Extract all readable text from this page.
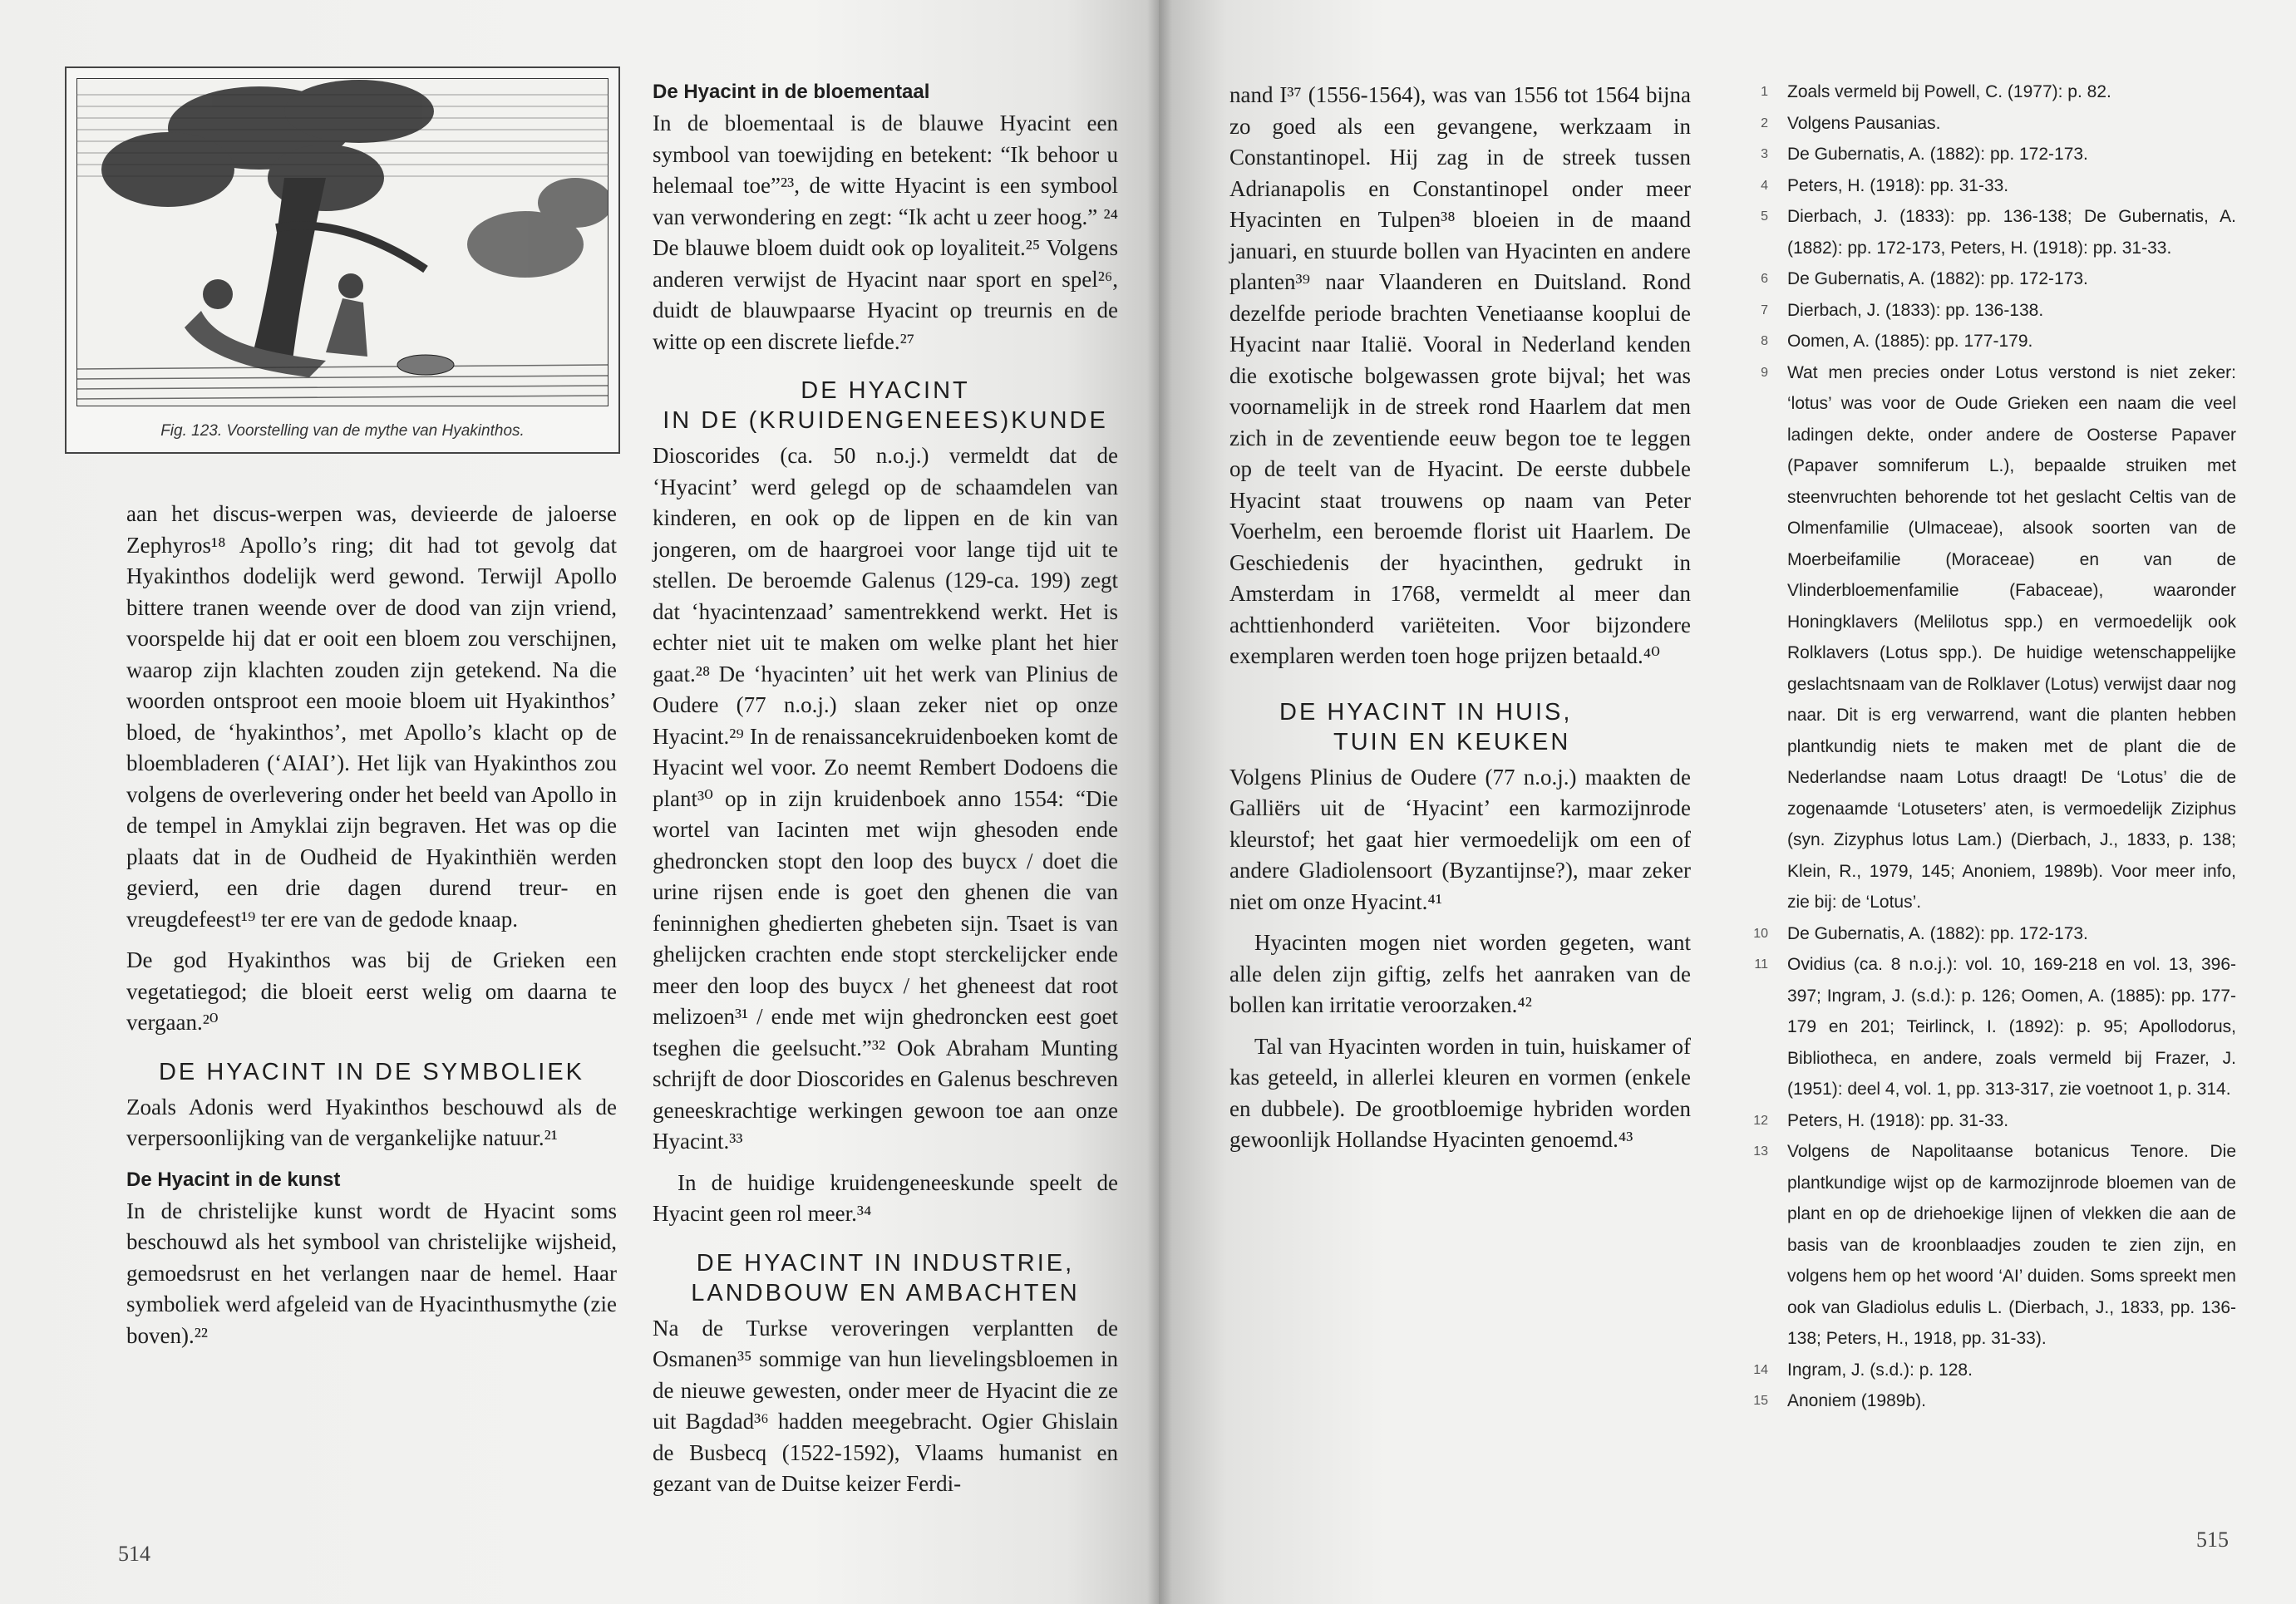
Fig. 123. Voorstelling van de mythe van Hyakinthos.

aan het discus-werpen was, devieerde de jaloerse Zephyros¹⁸ Apollo’s ring; dit had tot gevolg dat Hyakinthos dodelijk werd gewond. Terwijl Apollo bittere tranen weende over de dood van zijn vriend, voorspelde hij dat er ooit een bloem zou verschijnen, waarop zijn klachten zouden zijn getekend. Na die woorden ontsproot een mooie bloem uit Hyakinthos’ bloed, de ‘hyakinthos’, met Apollo’s klacht op de bloembladeren (‘AIAI’). Het lijk van Hyakinthos zou volgens de overlevering onder het beeld van Apollo in de tempel in Amyklai zijn begraven. Het was op die plaats dat in de Oudheid de Hyakinthiën werden gevierd, een drie dagen durend treur- en vreugdefeest¹⁹ ter ere van de gedode knaap.

De god Hyakinthos was bij de Grieken een vegetatiegod; die bloeit eerst welig om daarna te vergaan.²⁰

DE HYACINT IN DE SYMBOLIEK

Zoals Adonis werd Hyakinthos beschouwd als de verpersoonlijking van de vergankelijke natuur.²¹

De Hyacint in de kunst

In de christelijke kunst wordt de Hyacint soms beschouwd als het symbool van christelijke wijsheid, gemoedsrust en het verlangen naar de hemel. Haar symboliek werd afgeleid van de Hyacinthusmythe (zie boven).²²

De Hyacint in de bloementaal

In de bloementaal is de blauwe Hyacint een symbool van toewijding en betekent: “Ik behoor u helemaal toe”²³, de witte Hyacint is een symbool van verwondering en zegt: “Ik acht u zeer hoog.” ²⁴ De blauwe bloem duidt ook op loyaliteit.²⁵ Volgens anderen verwijst de Hyacint naar sport en spel²⁶, duidt de blauwpaarse Hyacint op treurnis en de witte op een discrete liefde.²⁷

DE HYACINT
IN DE (KRUIDENGENEES)KUNDE

Dioscorides (ca. 50 n.o.j.) vermeldt dat de ‘Hyacint’ werd gelegd op de schaamdelen van kinderen, en ook op de lippen en de kin van jongeren, om de haargroei voor lange tijd uit te stellen. De beroemde Galenus (129-ca. 199) zegt dat ‘hyacintenzaad’ samentrekkend werkt. Het is echter niet uit te maken om welke plant het hier gaat.²⁸ De ‘hyacinten’ uit het werk van Plinius de Oudere (77 n.o.j.) slaan zeker niet op onze Hyacint.²⁹ In de renaissancekruidenboeken komt de Hyacint wel voor. Zo neemt Rembert Dodoens die plant³⁰ op in zijn kruidenboek anno 1554: “Die wortel van Iacinten met wijn ghesoden ende ghedroncken stopt den loop des buycx / doet die urine rijsen ende is goet den ghenen die van feninnighen ghedierten ghebeten sijn. Tsaet is van ghelijcken crachten ende stopt sterckelijcker ende meer den loop des buycx / het gheneest dat root melizoen³¹ / ende met wijn ghedroncken eest goet tseghen die geelsucht.”³² Ook Abraham Munting schrijft de door Dioscorides en Galenus beschreven geneeskrachtige werkingen gewoon toe aan onze Hyacint.³³

In de huidige kruidengeneeskunde speelt de Hyacint geen rol meer.³⁴

DE HYACINT IN INDUSTRIE,
LANDBOUW EN AMBACHTEN

Na de Turkse veroveringen verplantten de Osmanen³⁵ sommige van hun lievelingsbloemen in de nieuwe gewesten, onder meer de Hyacint die ze uit Bagdad³⁶ hadden meegebracht. Ogier Ghislain de Busbecq (1522-1592), Vlaams humanist en gezant van de Duitse keizer Ferdi-

514

nand I³⁷ (1556-1564), was van 1556 tot 1564 bijna zo goed als een gevangene, werkzaam in Constantinopel. Hij zag in de streek tussen Adrianapolis en Constantinopel onder meer Hyacinten en Tulpen³⁸ bloeien in de maand januari, en stuurde bollen van Hyacinten en andere planten³⁹ naar Vlaanderen en Duitsland. Rond dezelfde periode brachten Venetiaanse kooplui de Hyacint naar Italië. Vooral in Nederland kenden die exotische bolgewassen grote bijval; het was voornamelijk in de streek rond Haarlem dat men zich in de zeventiende eeuw begon toe te leggen op de teelt van de Hyacint. De eerste dubbele Hyacint staat trouwens op naam van Peter Voerhelm, een beroemde florist uit Haarlem. De Geschiedenis der hyacinthen, gedrukt in Amsterdam in 1768, vermeldt al meer dan achttienhonderd variëteiten. Voor bijzondere exemplaren werden toen hoge prijzen betaald.⁴⁰

DE HYACINT IN HUIS,
TUIN EN KEUKEN

Volgens Plinius de Oudere (77 n.o.j.) maakten de Galliërs uit de ‘Hyacint’ een karmozijnrode kleurstof; het gaat hier vermoedelijk om een of andere Gladiolensoort (Byzantijnse?), maar zeker niet om onze Hyacint.⁴¹

Hyacinten mogen niet worden gegeten, want alle delen zijn giftig, zelfs het aanraken van de bollen kan irritatie veroorzaken.⁴²

Tal van Hyacinten worden in tuin, huiskamer of kas geteeld, in allerlei kleuren en vormen (enkele en dubbele). De grootbloemige hybriden worden gewoonlijk Hollandse Hyacinten genoemd.⁴³

515
1 Zoals vermeld bij Powell, C. (1977): p. 82.
2 Volgens Pausanias.
3 De Gubernatis, A. (1882): pp. 172-173.
4 Peters, H. (1918): pp. 31-33.
5 Dierbach, J. (1833): pp. 136-138; De Gubernatis, A. (1882): pp. 172-173, Peters, H. (1918): pp. 31-33.
6 De Gubernatis, A. (1882): pp. 172-173.
7 Dierbach, J. (1833): pp. 136-138.
8 Oomen, A. (1885): pp. 177-179.
9 Wat men precies onder Lotus verstond is niet zeker: ‘lotus’ was voor de Oude Grieken een naam die veel ladingen dekte, onder andere de Oosterse Papaver (Papaver somniferum L.), bepaalde struiken met steenvruchten behorende tot het geslacht Celtis van de Olmenfamilie (Ulmaceae), alsook soorten van de Moerbeifamilie (Moraceae) en van de Vlinderbloemenfamilie (Fabaceae), waaronder Honingklavers (Melilotus spp.) en vermoedelijk ook Rolklavers (Lotus spp.). De huidige wetenschappelijke geslachtsnaam van de Rolklaver (Lotus) verwijst daar nog naar. Dit is erg verwarrend, want die planten hebben plantkundig niets te maken met de plant die de Nederlandse naam Lotus draagt! De ‘Lotus’ die de zogenaamde ‘Lotuseters’ aten, is vermoedelijk Ziziphus (syn. Zizyphus lotus Lam.) (Dierbach, J., 1833, p. 138; Klein, R., 1979, 145; Anoniem, 1989b). Voor meer info, zie bij: de ‘Lotus’.
10 De Gubernatis, A. (1882): pp. 172-173.
11 Ovidius (ca. 8 n.o.j.): vol. 10, 169-218 en vol. 13, 396-397; Ingram, J. (s.d.): p. 126; Oomen, A. (1885): pp. 177-179 en 201; Teirlinck, I. (1892): p. 95; Apollodorus, Bibliotheca, en andere, zoals vermeld bij Frazer, J. (1951): deel 4, vol. 1, pp. 313-317, zie voetnoot 1, p. 314.
12 Peters, H. (1918): pp. 31-33.
13 Volgens de Napolitaanse botanicus Tenore. Die plantkundige wijst op de karmozijnrode bloemen van de plant en op de driehoekige lijnen of vlekken die aan de basis van de kroonblaadjes zouden te zien zijn, en volgens hem op het woord ‘AI’ duiden. Soms spreekt men ook van Gladiolus edulis L. (Dierbach, J., 1833, pp. 136-138; Peters, H., 1918, pp. 31-33).
14 Ingram, J. (s.d.): p. 128.
15 Anoniem (1989b).
